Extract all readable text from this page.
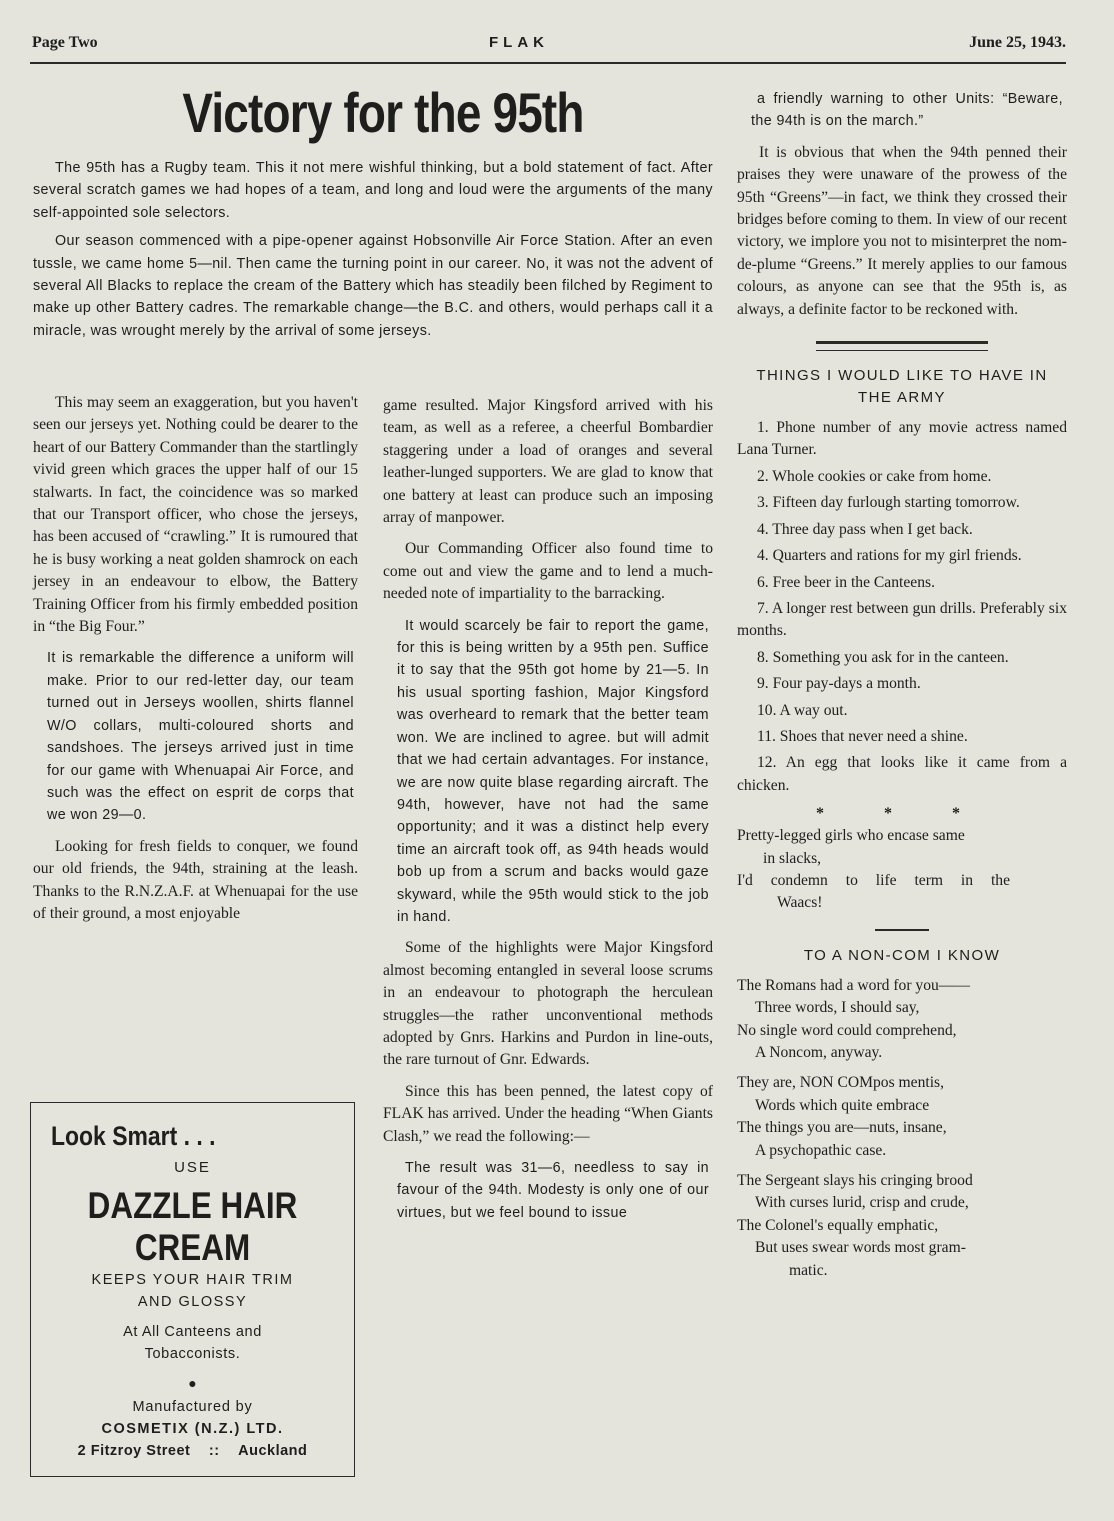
Page Two	FLAK	June 25, 1943.
Victory for the 95th

The 95th has a Rugby team. This it not mere wishful thinking, but a bold statement of fact. After several scratch games we had hopes of a team, and long and loud were the arguments of the many self-appointed sole selectors.

Our season commenced with a pipe-opener against Hobsonville Air Force Station. After an even tussle, we came home 5—nil. Then came the turning point in our career. No, it was not the advent of several All Blacks to replace the cream of the Battery which has steadily been filched by Regiment to make up other Battery cadres. The remarkable change—the B.C. and others, would perhaps call it a miracle, was wrought merely by the arrival of some jerseys.

This may seem an exaggeration, but you haven't seen our jerseys yet. Nothing could be dearer to the heart of our Battery Commander than the startlingly vivid green which graces the upper half of our 15 stalwarts. In fact, the coincidence was so marked that our Transport officer, who chose the jerseys, has been accused of “crawling.” It is rumoured that he is busy working a neat golden shamrock on each jersey in an endeavour to elbow, the Battery Training Officer from his firmly embedded position in “the Big Four.”

It is remarkable the difference a uniform will make. Prior to our red-letter day, our team turned out in Jerseys woollen, shirts flannel W/O collars, multi-coloured shorts and sandshoes. The jerseys arrived just in time for our game with Whenuapai Air Force, and such was the effect on esprit de corps that we won 29—0.

Looking for fresh fields to conquer, we found our old friends, the 94th, straining at the leash. Thanks to the R.N.Z.A.F. at Whenuapai for the use of their ground, a most enjoyable

Look Smart . . .
USE
DAZZLE HAIR CREAM
KEEPS YOUR HAIR TRIM AND GLOSSY
At All Canteens and Tobacconists.
●
Manufactured by
COSMETIX (N.Z.) LTD.
2 Fitzroy Street :: Auckland

game resulted. Major Kingsford arrived with his team, as well as a referee, a cheerful Bombardier staggering under a load of oranges and several leather-lunged supporters. We are glad to know that one battery at least can produce such an imposing array of manpower.

Our Commanding Officer also found time to come out and view the game and to lend a much-needed note of impartiality to the barracking.

It would scarcely be fair to report the game, for this is being written by a 95th pen. Suffice it to say that the 95th got home by 21—5. In his usual sporting fashion, Major Kingsford was overheard to remark that the better team won. We are inclined to agree. but will admit that we had certain advantages. For instance, we are now quite blase regarding aircraft. The 94th, however, have not had the same opportunity; and it was a distinct help every time an aircraft took off, as 94th heads would bob up from a scrum and backs would gaze skyward, while the 95th would stick to the job in hand.

Some of the highlights were Major Kingsford almost becoming entangled in several loose scrums in an endeavour to photograph the herculean struggles—the rather unconventional methods adopted by Gnrs. Harkins and Purdon in line-outs, the rare turnout of Gnr. Edwards.

Since this has been penned, the latest copy of FLAK has arrived. Under the heading “When Giants Clash,” we read the following:—

The result was 31—6, needless to say in favour of the 94th. Modesty is only one of our virtues, but we feel bound to issue

a friendly warning to other Units: “Beware, the 94th is on the march.”

It is obvious that when the 94th penned their praises they were unaware of the prowess of the 95th “Greens”—in fact, we think they crossed their bridges before coming to them. In view of our recent victory, we implore you not to misinterpret the nom-de-plume “Greens.” It merely applies to our famous colours, as anyone can see that the 95th is, as always, a definite factor to be reckoned with.

THINGS I WOULD LIKE TO HAVE IN THE ARMY

1. Phone number of any movie actress named Lana Turner.

2. Whole cookies or cake from home.

3. Fifteen day furlough starting tomorrow.

4. Three day pass when I get back.

4. Quarters and rations for my girl friends.

6. Free beer in the Canteens.

7. A longer rest between gun drills. Preferably six months.

8. Something you ask for in the canteen.

9. Four pay-days a month.

10. A way out.

11. Shoes that never need a shine.

12. An egg that looks like it came from a chicken.

* * *
Pretty-legged girls who encase same
in slacks,
I'd condemn to life term in the
Waacs!
TO A NON-COM I KNOW
The Romans had a word for you——
Three words, I should say,
No single word could comprehend,
A Noncom, anyway.
They are, NON COMpos mentis,
Words which quite embrace
The things you are—nuts, insane,
A psychopathic case.
The Sergeant slays his cringing brood
With curses lurid, crisp and crude,
The Colonel's equally emphatic,
But uses swear words most gram-
matic.
